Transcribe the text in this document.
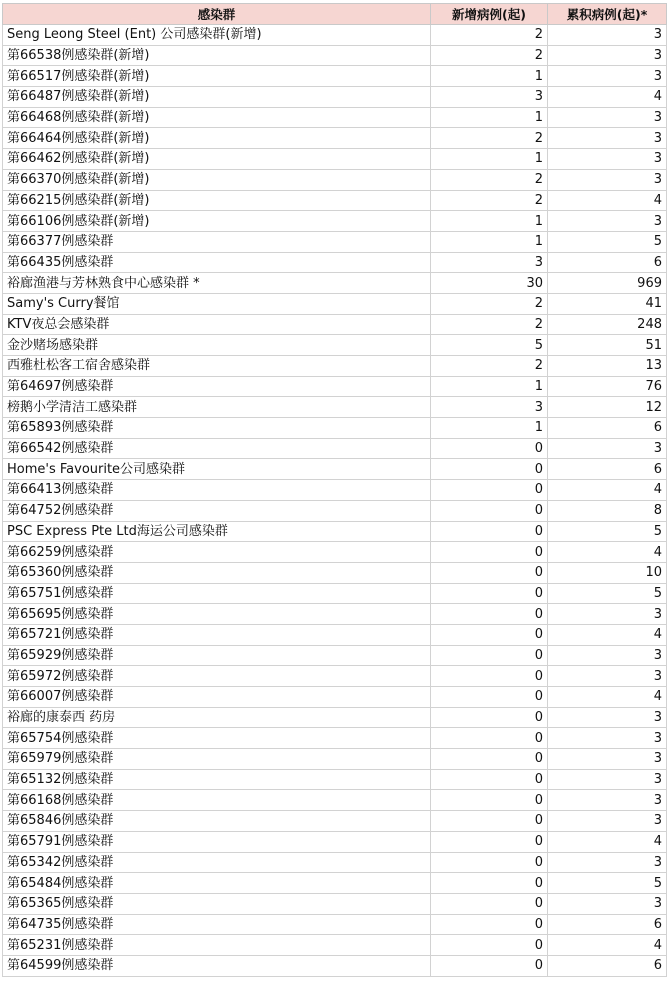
感染群	新增病例(起)	累积病例(起)*
Seng Leong Steel (Ent) 公司感染群(新增)	2	3
第66538例感染群(新增)	2	3
第66517例感染群(新增)	1	3
第66487例感染群(新增)	3	4
第66468例感染群(新增)	1	3
第66464例感染群(新增)	2	3
第66462例感染群(新增)	1	3
第66370例感染群(新增)	2	3
第66215例感染群(新增)	2	4
第66106例感染群(新增)	1	3
第66377例感染群	1	5
第66435例感染群	3	6
裕廊渔港与芳林熟食中心感染群 *	30	969
Samy's Curry餐馆	2	41
KTV夜总会感染群	2	248
金沙赌场感染群	5	51
西雅杜松客工宿舍感染群	2	13
第64697例感染群	1	76
榜鹅小学清洁工感染群	3	12
第65893例感染群	1	6
第66542例感染群	0	3
Home's Favourite公司感染群	0	6
第66413例感染群	0	4
第64752例感染群	0	8
PSC Express Pte Ltd海运公司感染群	0	5
第66259例感染群	0	4
第65360例感染群	0	10
第65751例感染群	0	5
第65695例感染群	0	3
第65721例感染群	0	4
第65929例感染群	0	3
第65972例感染群	0	3
第66007例感染群	0	4
裕廊的康泰西 药房	0	3
第65754例感染群	0	3
第65979例感染群	0	3
第65132例感染群	0	3
第66168例感染群	0	3
第65846例感染群	0	3
第65791例感染群	0	4
第65342例感染群	0	3
第65484例感染群	0	5
第65365例感染群	0	3
第64735例感染群	0	6
第65231例感染群	0	4
第64599例感染群	0	6
